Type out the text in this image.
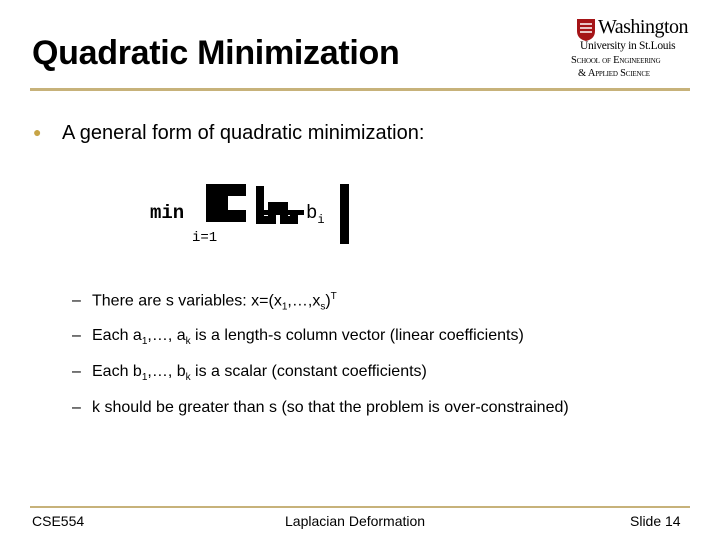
Quadratic Minimization
Washington
University in St.Louis
School of Engineering
& Applied Science
● A general form of quadratic minimization:
min	$b_i$
i=1
– There are s variables: $x=(x_1,\dots,x_s)^T$
– Each $a_1,\dots$, $a_k$ is a length-s column vector (linear coefficients)
– Each $b_1,\dots$, $b_k$ is a scalar (constant coefficients)
– k should be greater than s (so that the problem is over-constrained)
CSE554	Laplacian Deformation	Slide 14
